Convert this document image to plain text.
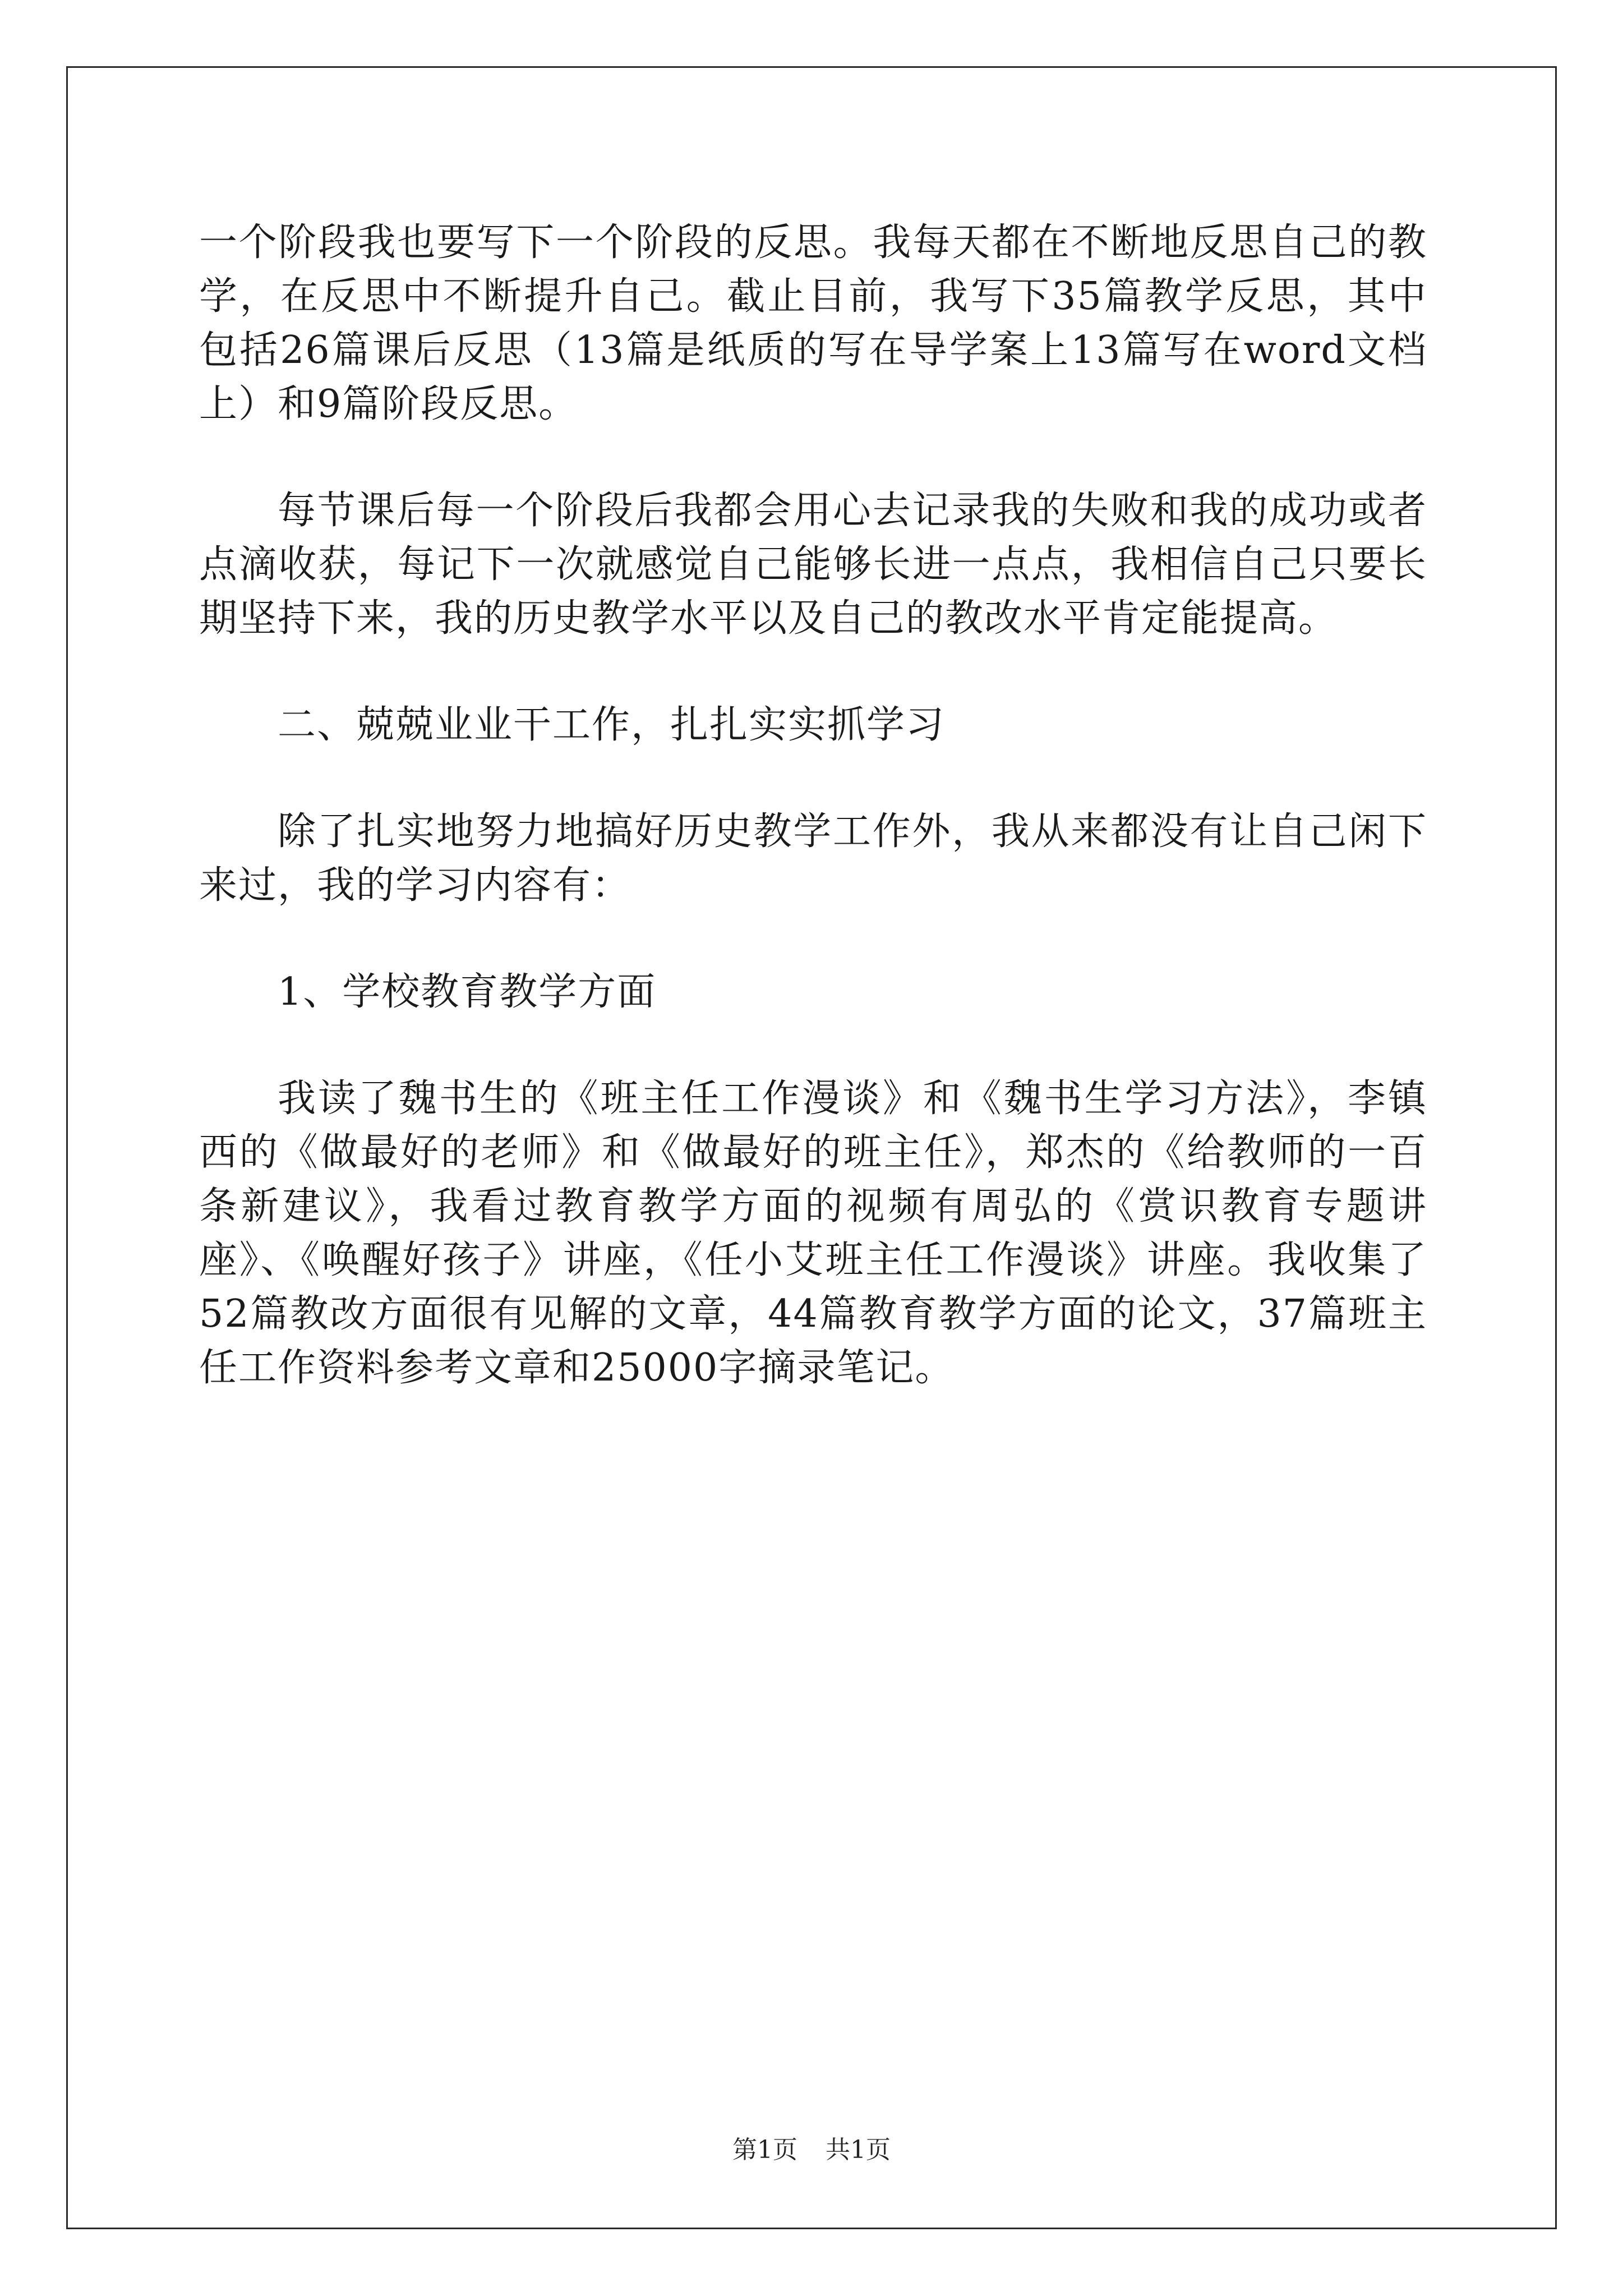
一个阶段我也要写下一个阶段的反思。我每天都在不断地反思自己的教学，在反思中不断提升自己。截止目前，我写下35篇教学反思，其中包括26篇课后反思（13篇是纸质的写在导学案上13篇写在word文档上）和9篇阶段反思。

每节课后每一个阶段后我都会用心去记录我的失败和我的成功或者点滴收获，每记下一次就感觉自己能够长进一点点，我相信自己只要长期坚持下来，我的历史教学水平以及自己的教改水平肯定能提高。

二、兢兢业业干工作，扎扎实实抓学习

除了扎实地努力地搞好历史教学工作外，我从来都没有让自己闲下来过，我的学习内容有：

1、学校教育教学方面

我读了魏书生的《班主任工作漫谈》和《魏书生学习方法》，李镇西的《做最好的老师》和《做最好的班主任》，郑杰的《给教师的一百条新建议》，我看过教育教学方面的视频有周弘的《赏识教育专题讲座》、《唤醒好孩子》讲座，《任小艾班主任工作漫谈》讲座。我收集了52篇教改方面很有见解的文章，44篇教育教学方面的论文，37篇班主任工作资料参考文章和25000字摘录笔记。

第1页 共1页
